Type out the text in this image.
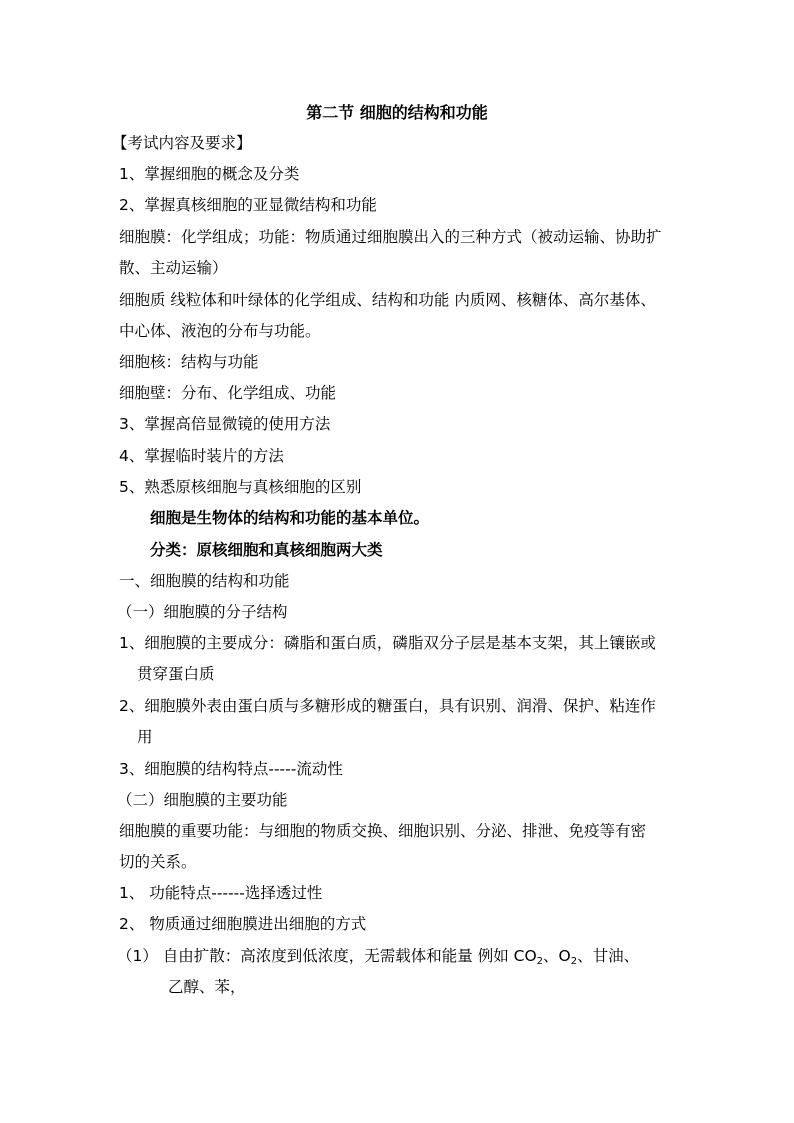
第二节 细胞的结构和功能
【考试内容及要求】
1、掌握细胞的概念及分类
2、掌握真核细胞的亚显微结构和功能
细胞膜：化学组成；功能：物质通过细胞膜出入的三种方式（被动运输、协助扩
散、主动运输）
细胞质 线粒体和叶绿体的化学组成、结构和功能 内质网、核糖体、高尔基体、
中心体、液泡的分布与功能。
细胞核：结构与功能
细胞壁：分布、化学组成、功能
3、掌握高倍显微镜的使用方法
4、掌握临时装片的方法
5、熟悉原核细胞与真核细胞的区别
细胞是生物体的结构和功能的基本单位。
分类：原核细胞和真核细胞两大类
一、细胞膜的结构和功能
（一）细胞膜的分子结构
1、细胞膜的主要成分：磷脂和蛋白质，磷脂双分子层是基本支架，其上镶嵌或
贯穿蛋白质
2、细胞膜外表由蛋白质与多糖形成的糖蛋白，具有识别、润滑、保护、粘连作
用
3、细胞膜的结构特点-----流动性
（二）细胞膜的主要功能
细胞膜的重要功能：与细胞的物质交换、细胞识别、分泌、排泄、免疫等有密
切的关系。
1、 功能特点------选择透过性
2、 物质通过细胞膜进出细胞的方式
（1） 自由扩散：高浓度到低浓度，无需载体和能量 例如 $CO_2$、$O_2$、甘油、
乙醇、苯，
